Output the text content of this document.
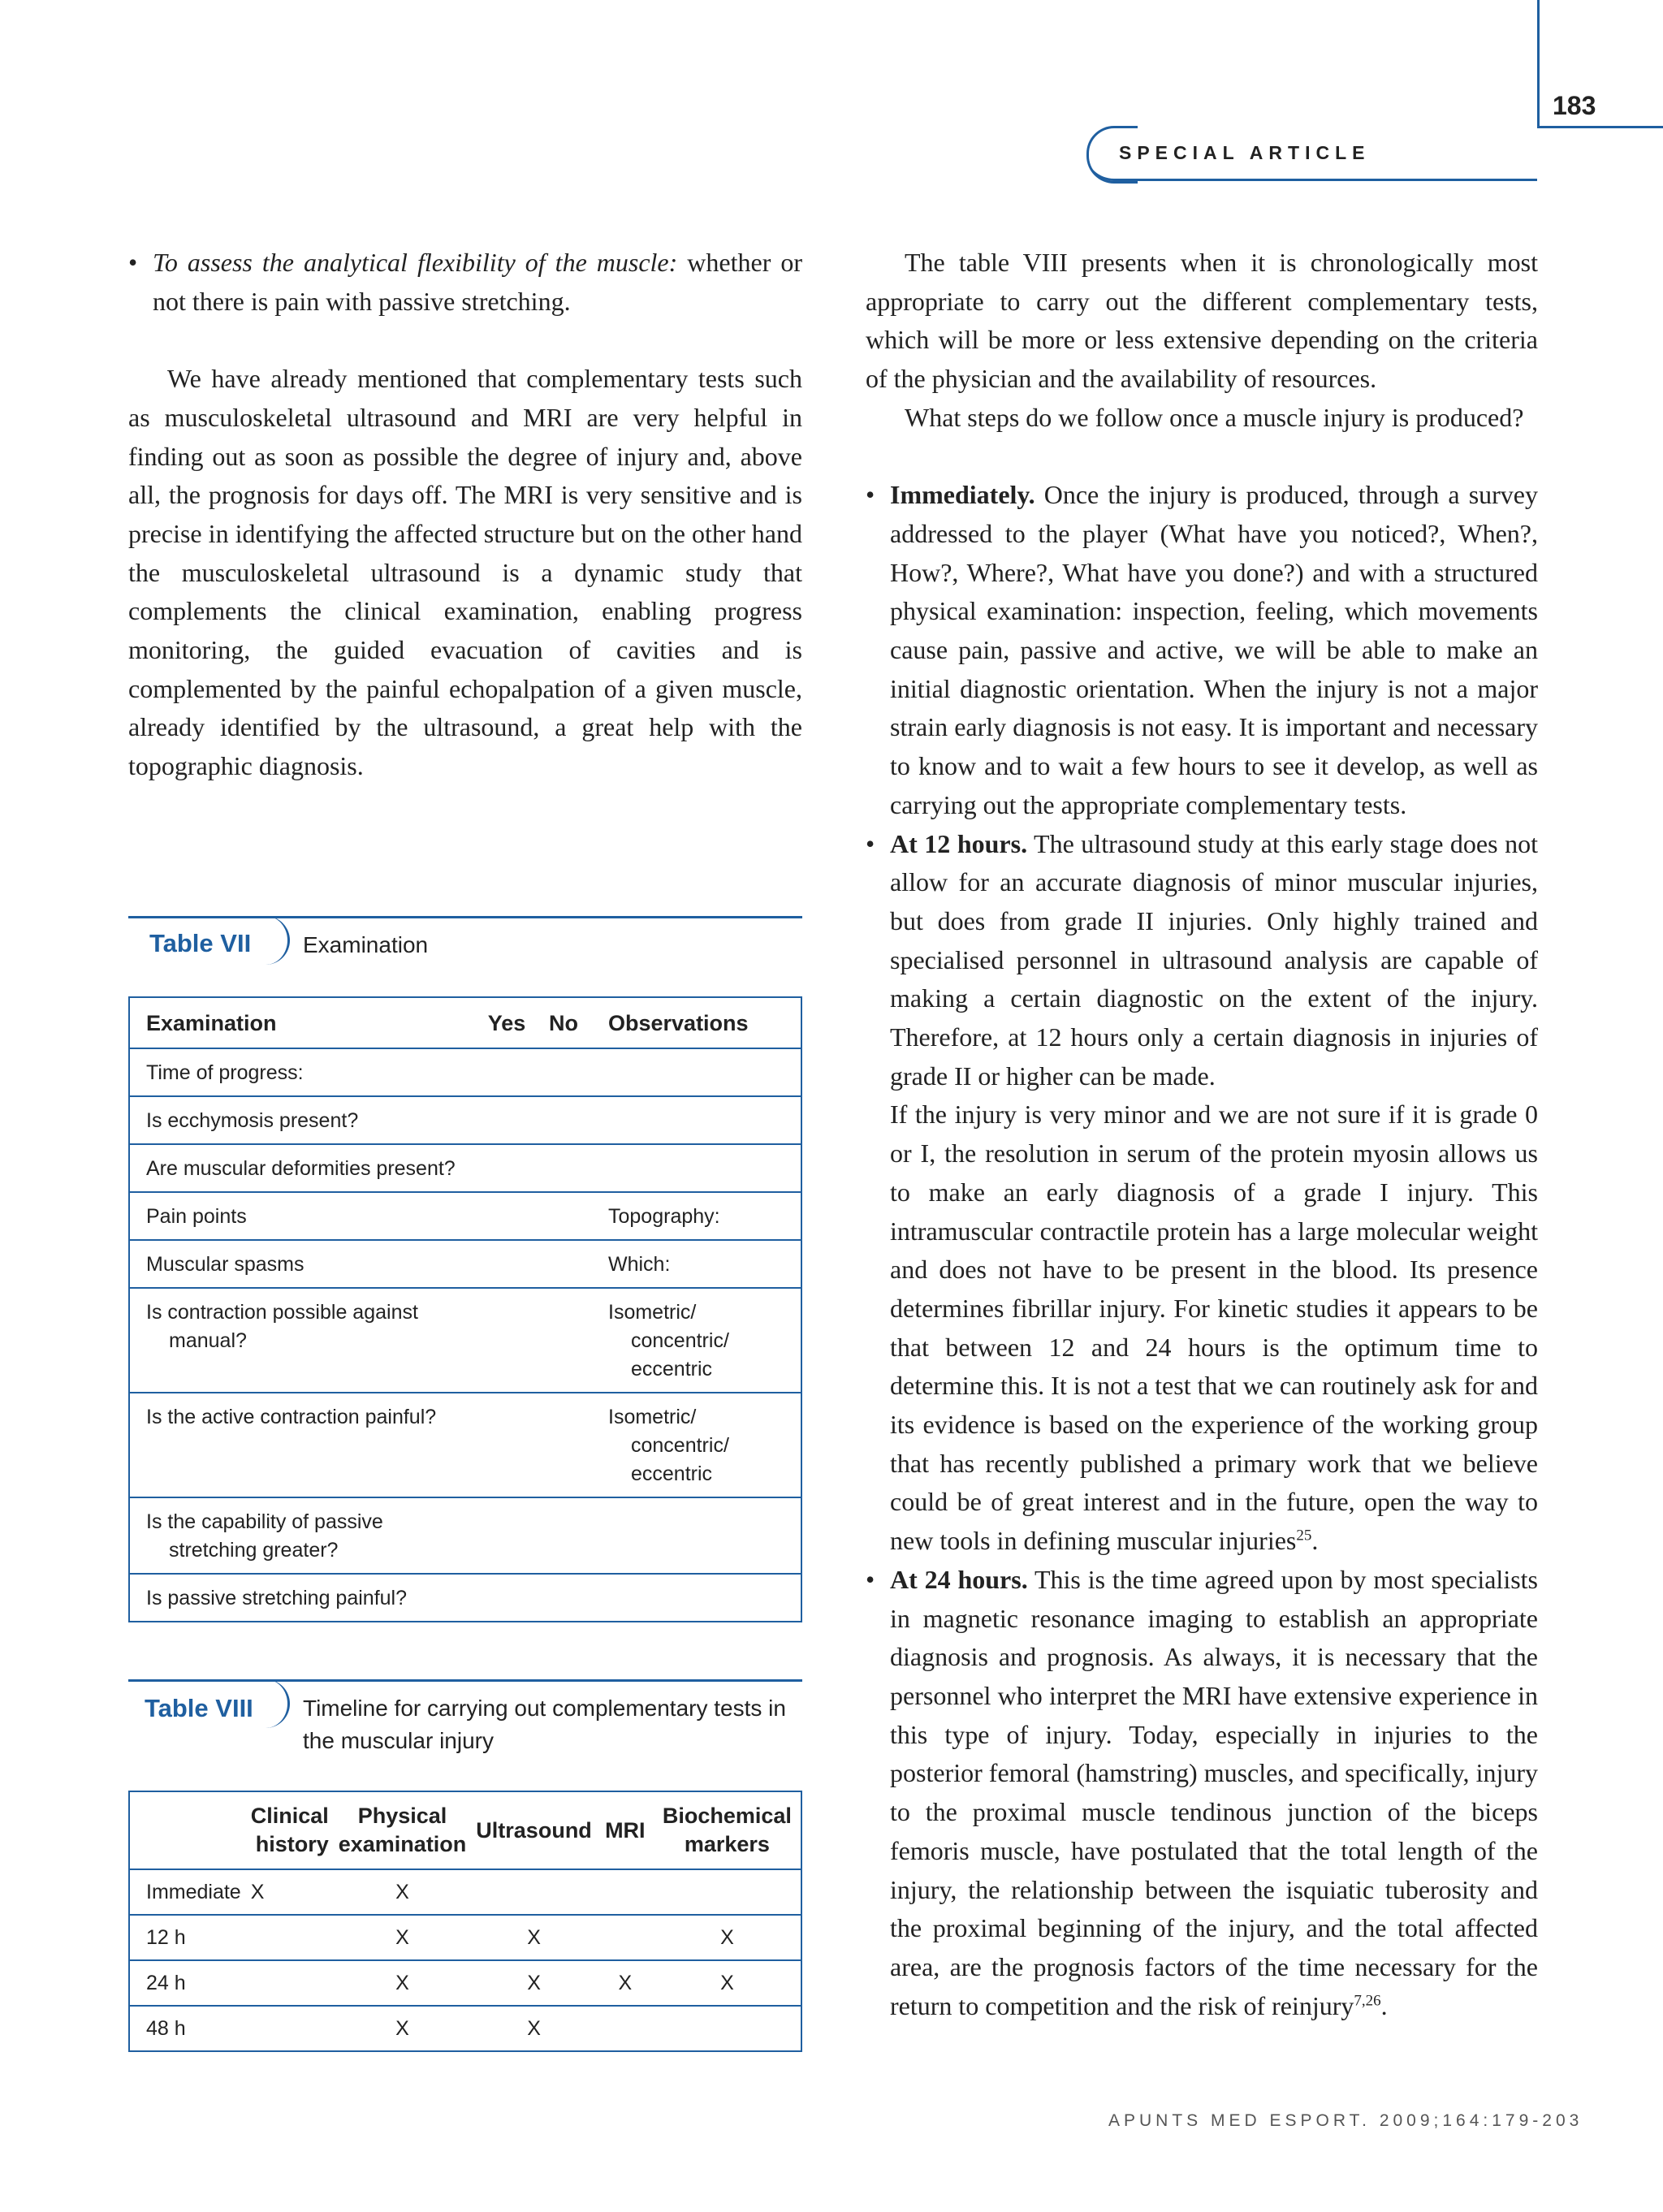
183
SPECIAL ARTICLE

• To assess the analytical flexibility of the muscle: whether or not there is pain with passive stretching.

We have already mentioned that complementary tests such as musculoskeletal ultrasound and MRI are very helpful in finding out as soon as possible the degree of injury and, above all, the prognosis for days off. The MRI is very sensitive and is precise in identifying the affected structure but on the other hand the musculoskeletal ultrasound is a dynamic study that complements the clinical examination, enabling progress monitoring, the guided evacuation of cavities and is complemented by the painful echopalpation of a given muscle, already identified by the ultrasound, a great help with the topographic diagnosis.

Table VII Examination
Examination	Yes	No	Observations
Time of progress:			
Is ecchymosis present?			
Are muscular deformities present?			
Pain points			Topography:
Muscular spasms			Which:

Is contraction possible against manual?			Isometric/ concentric/ eccentric

Is the active contraction painful?			Isometric/ concentric/ eccentric

Is the capability of passive stretching greater?			

Is passive stretching painful?			
Table VIII Timeline for carrying out complementary tests in the muscular injury
	Clinical history	Physical examination	Ultrasound	MRI	Biochemical markers
Immediate	X	X			
12 h		X	X		X
24 h		X	X	X	X
48 h		X	X		

The table VIII presents when it is chronologically most appropriate to carry out the different complementary tests, which will be more or less extensive depending on the criteria of the physician and the availability of resources.

What steps do we follow once a muscle injury is produced?

• Immediately. Once the injury is produced, through a survey addressed to the player (What have you noticed?, When?, How?, Where?, What have you done?) and with a structured physical examination: inspection, feeling, which movements cause pain, passive and active, we will be able to make an initial diagnostic orientation. When the injury is not a major strain early diagnosis is not easy. It is important and necessary to know and to wait a few hours to see it develop, as well as carrying out the appropriate complementary tests.

• At 12 hours. The ultrasound study at this early stage does not allow for an accurate diagnosis of minor muscular injuries, but does from grade II injuries. Only highly trained and specialised personnel in ultrasound analysis are capable of making a certain diagnostic on the extent of the injury. Therefore, at 12 hours only a certain diagnosis in injuries of grade II or higher can be made.

If the injury is very minor and we are not sure if it is grade 0 or I, the resolution in serum of the protein myosin allows us to make an early diagnosis of a grade I injury. This intramuscular contractile protein has a large molecular weight and does not have to be present in the blood. Its presence determines fibrillar injury. For kinetic studies it appears to be that between 12 and 24 hours is the optimum time to determine this. It is not a test that we can routinely ask for and its evidence is based on the experience of the working group that has recently published a primary work that we believe could be of great interest and in the future, open the way to new tools in defining muscular injuries$^{25}$.

• At 24 hours. This is the time agreed upon by most specialists in magnetic resonance imaging to establish an appropriate diagnosis and prognosis. As always, it is necessary that the personnel who interpret the MRI have extensive experience in this type of injury. Today, especially in injuries to the posterior femoral (hamstring) muscles, and specifically, injury to the proximal muscle tendinous junction of the biceps femoris muscle, have postulated that the total length of the injury, the relationship between the isquiatic tuberosity and the proximal beginning of the injury, and the total affected area, are the prognosis factors of the time necessary for the return to competition and the risk of reinjury$^{7,26}$.

APUNTS MED ESPORT. 2009;164:179-203
